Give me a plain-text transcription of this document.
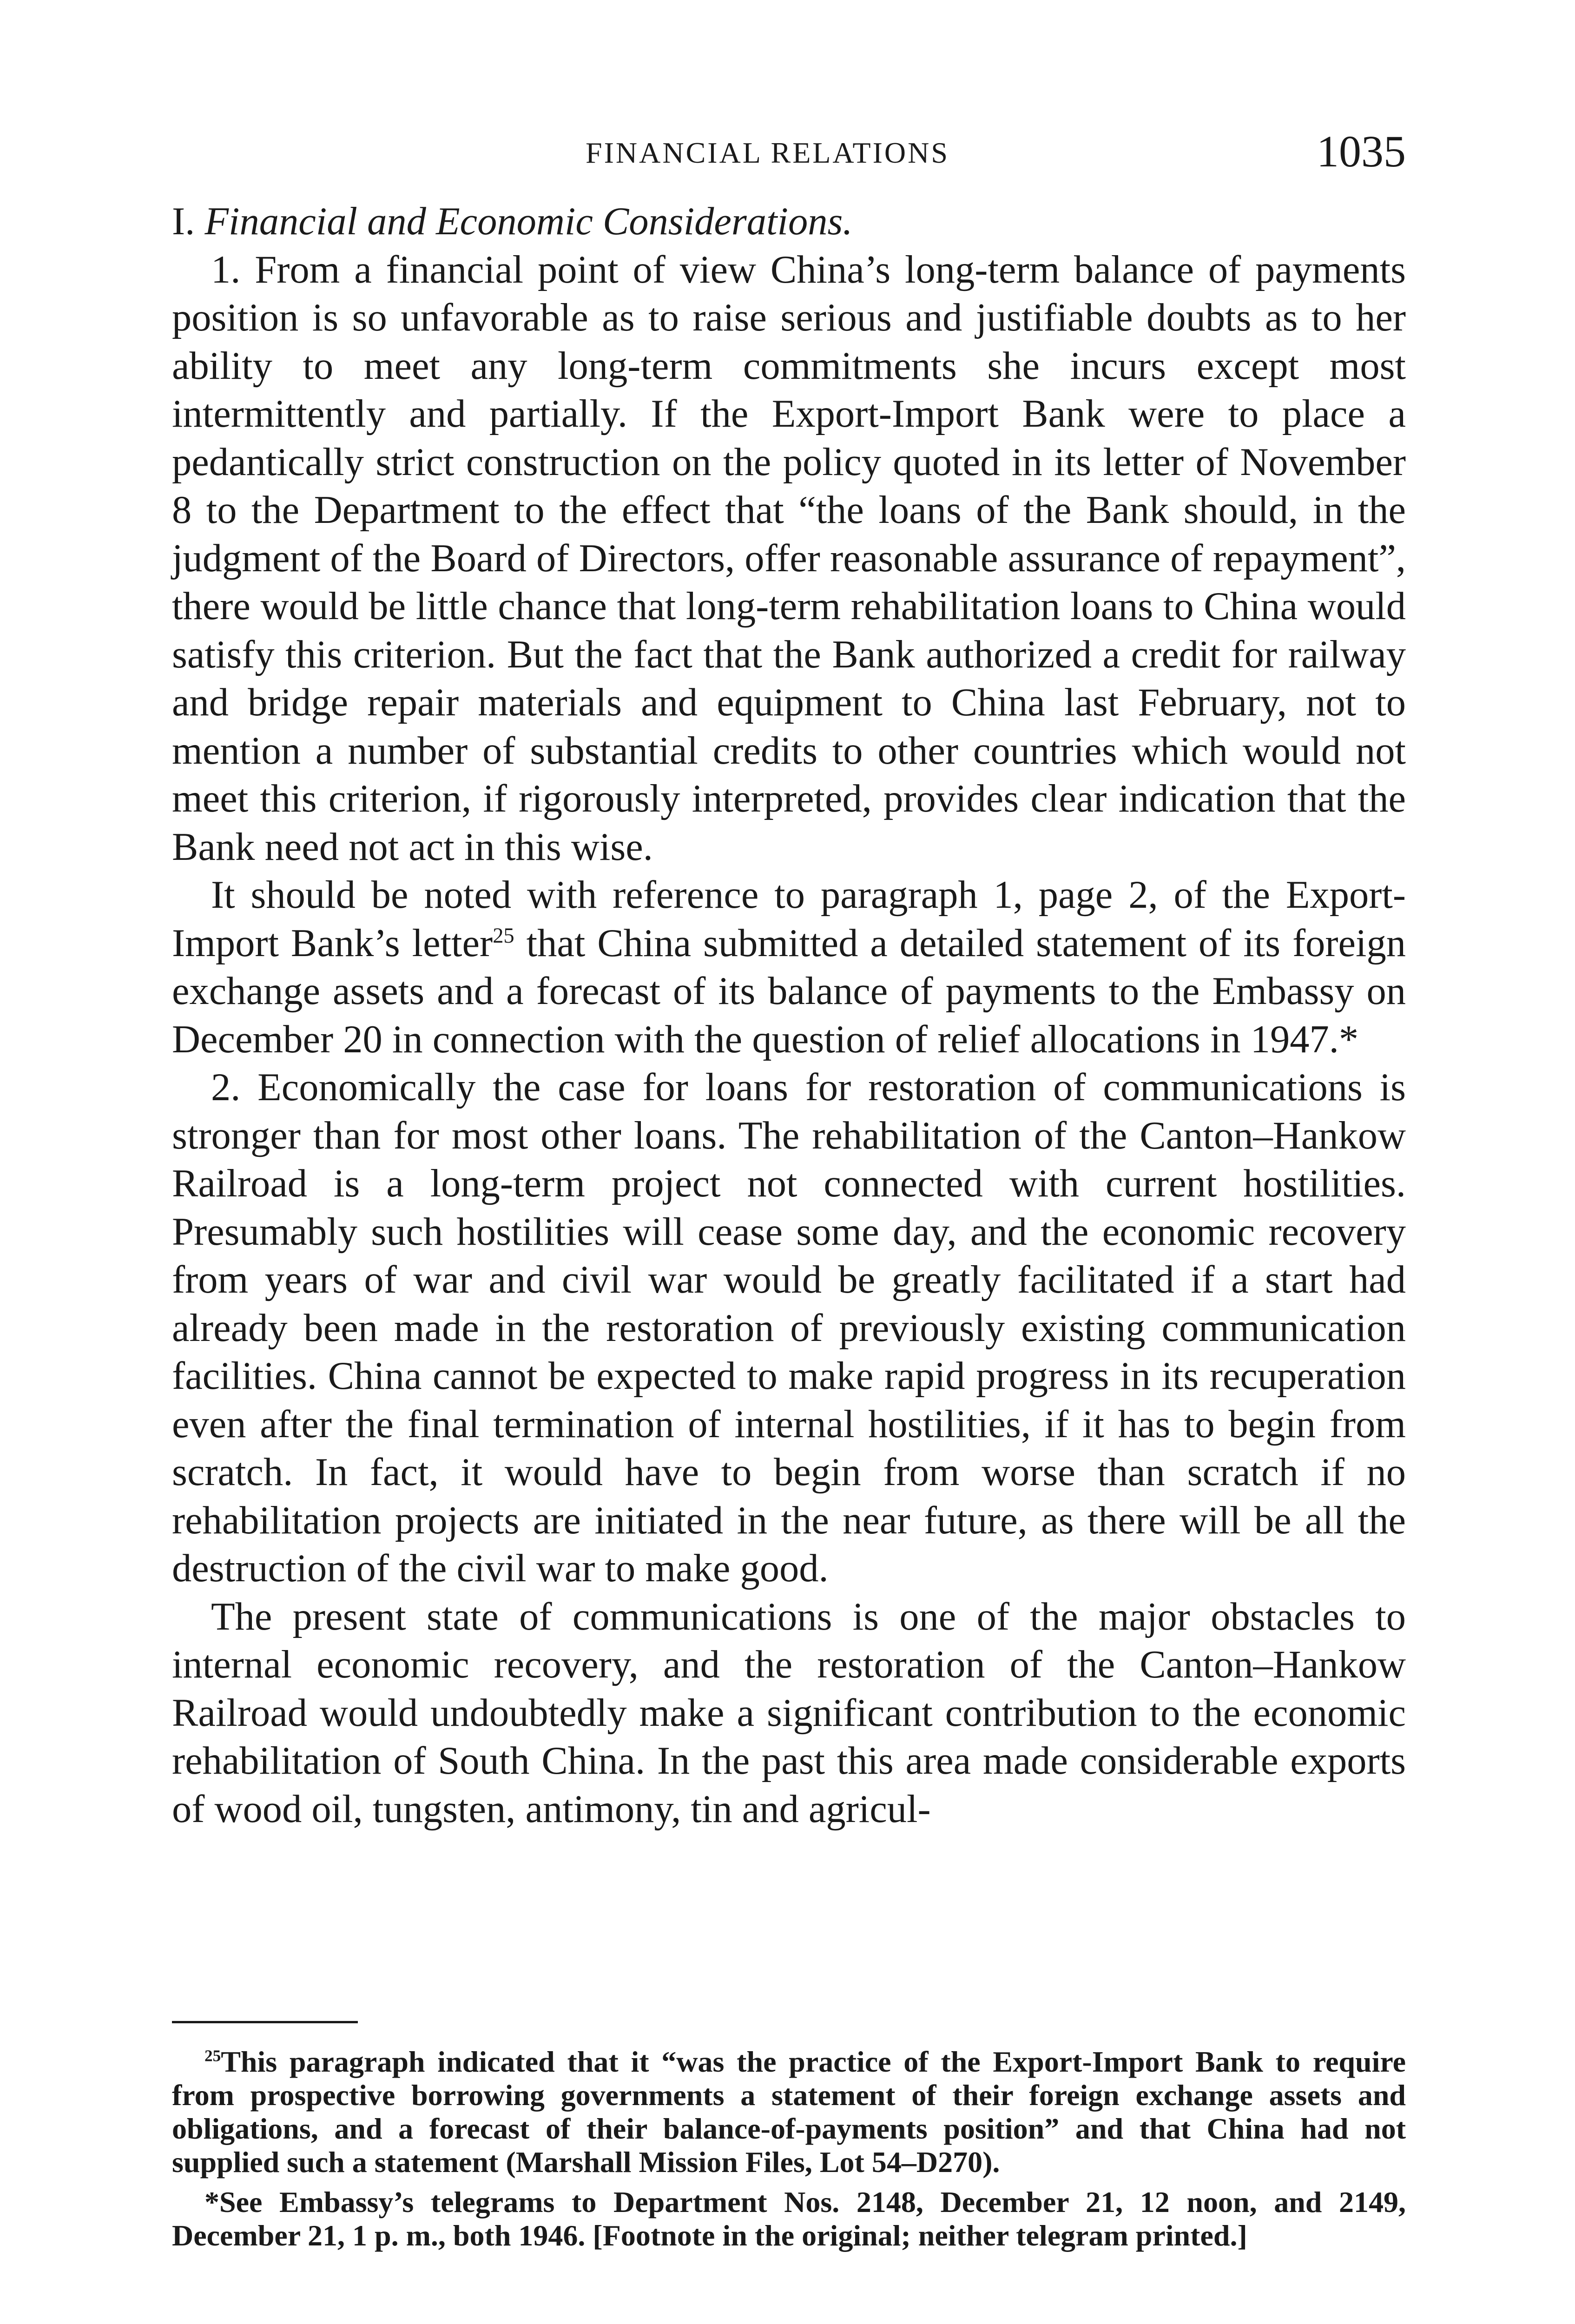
FINANCIAL RELATIONS	1035
I. Financial and Economic Considerations.

1. From a financial point of view China’s long-term balance of payments position is so unfavorable as to raise serious and justifiable doubts as to her ability to meet any long-term commitments she incurs except most intermittently and partially. If the Export-Import Bank were to place a pedantically strict construction on the policy quoted in its letter of November 8 to the Department to the effect that “the loans of the Bank should, in the judgment of the Board of Directors, offer reasonable assurance of repayment”, there would be little chance that long-term rehabilitation loans to China would satisfy this criterion. But the fact that the Bank authorized a credit for railway and bridge repair materials and equipment to China last February, not to mention a number of substantial credits to other countries which would not meet this criterion, if rigorously interpreted, provides clear indication that the Bank need not act in this wise.

It should be noted with reference to paragraph 1, page 2, of the Export-Import Bank’s letter$^{25}$ that China submitted a detailed statement of its foreign exchange assets and a forecast of its balance of payments to the Embassy on December 20 in connection with the question of relief allocations in 1947.*

2. Economically the case for loans for restoration of communications is stronger than for most other loans. The rehabilitation of the Canton–Hankow Railroad is a long-term project not connected with current hostilities. Presumably such hostilities will cease some day, and the economic recovery from years of war and civil war would be greatly facilitated if a start had already been made in the restoration of previously existing communication facilities. China cannot be expected to make rapid progress in its recuperation even after the final termination of internal hostilities, if it has to begin from scratch. In fact, it would have to begin from worse than scratch if no rehabilitation projects are initiated in the near future, as there will be all the destruction of the civil war to make good.

The present state of communications is one of the major obstacles to internal economic recovery, and the restoration of the Canton–Hankow Railroad would undoubtedly make a significant contribution to the economic rehabilitation of South China. In the past this area made considerable exports of wood oil, tungsten, antimony, tin and agricul-

$^{25}$This paragraph indicated that it “was the practice of the Export-Import Bank to require from prospective borrowing governments a statement of their foreign exchange assets and obligations, and a forecast of their balance-of-payments position” and that China had not supplied such a statement (Marshall Mission Files, Lot 54–D270).

*See Embassy’s telegrams to Department Nos. 2148, December 21, 12 noon, and 2149, December 21, 1 p. m., both 1946. [Footnote in the original; neither telegram printed.]
